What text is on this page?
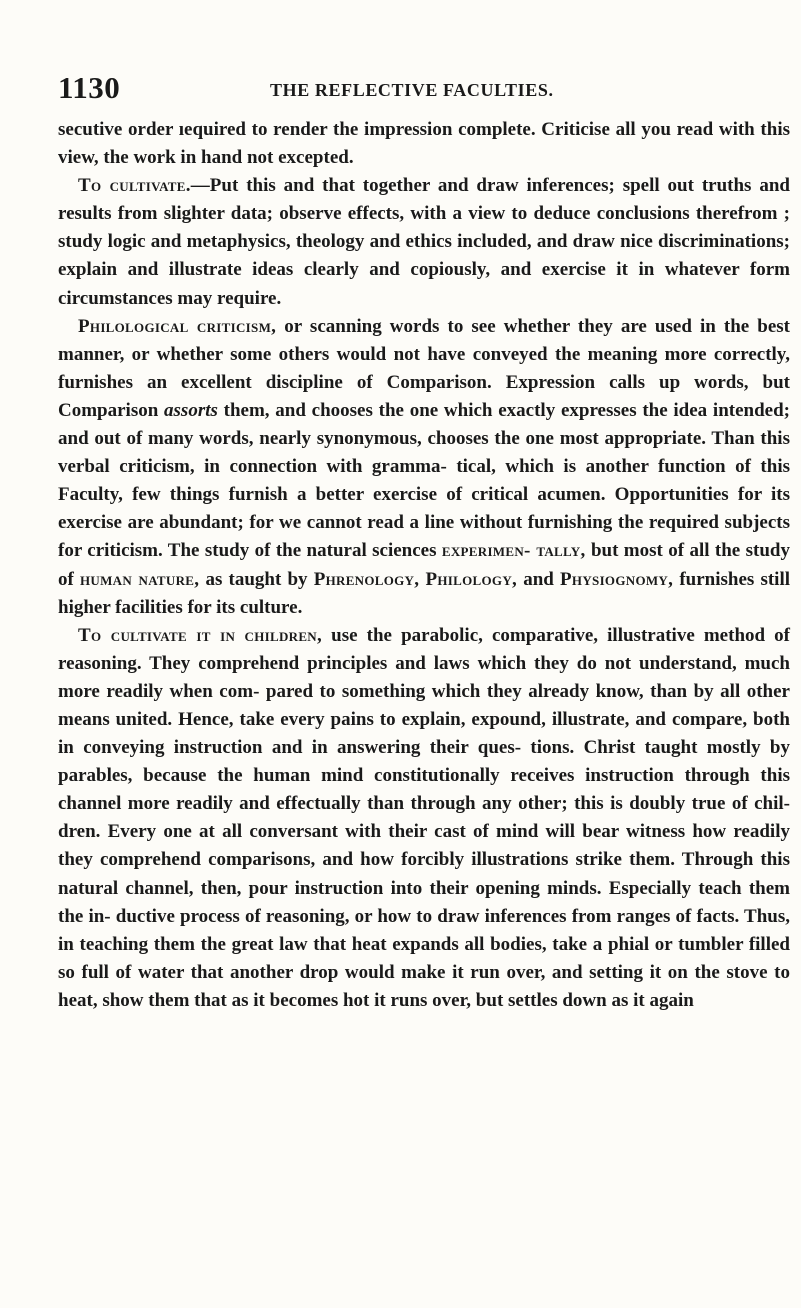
1130	THE REFLECTIVE FACULTIES.

secutive order ıequired to render the impression complete. Criticise all you read with this view, the work in hand not excepted.

To cultivate.—Put this and that together and draw inferences; spell out truths and results from slighter data; observe effects, with a view to deduce conclusions therefrom ; study logic and metaphysics, theology and ethics included, and draw nice discriminations; explain and illustrate ideas clearly and copiously, and exercise it in whatever form circumstances may require.

Philological criticism, or scanning words to see whether they are used in the best manner, or whether some others would not have conveyed the meaning more correctly, furnishes an excellent discipline of Comparison. Expression calls up words, but Comparison assorts them, and chooses the one which exactly expresses the idea intended; and out of many words, nearly synonymous, chooses the one most appropriate. Than this verbal criticism, in connection with gramma- tical, which is another function of this Faculty, few things furnish a better exercise of critical acumen. Opportunities for its exercise are abundant; for we cannot read a line without furnishing the required subjects for criticism. The study of the natural sciences experimen- tally, but most of all the study of human nature, as taught by Phrenology, Philology, and Physiognomy, furnishes still higher facilities for its culture.

To cultivate it in children, use the parabolic, comparative, illustrative method of reasoning. They comprehend principles and laws which they do not understand, much more readily when com- pared to something which they already know, than by all other means united. Hence, take every pains to explain, expound, illustrate, and compare, both in conveying instruction and in answering their ques- tions. Christ taught mostly by parables, because the human mind constitutionally receives instruction through this channel more readily and effectually than through any other; this is doubly true of chil- dren. Every one at all conversant with their cast of mind will bear witness how readily they comprehend comparisons, and how forcibly illustrations strike them. Through this natural channel, then, pour instruction into their opening minds. Especially teach them the in- ductive process of reasoning, or how to draw inferences from ranges of facts. Thus, in teaching them the great law that heat expands all bodies, take a phial or tumbler filled so full of water that another drop would make it run over, and setting it on the stove to heat, show them that as it becomes hot it runs over, but settles down as it again
